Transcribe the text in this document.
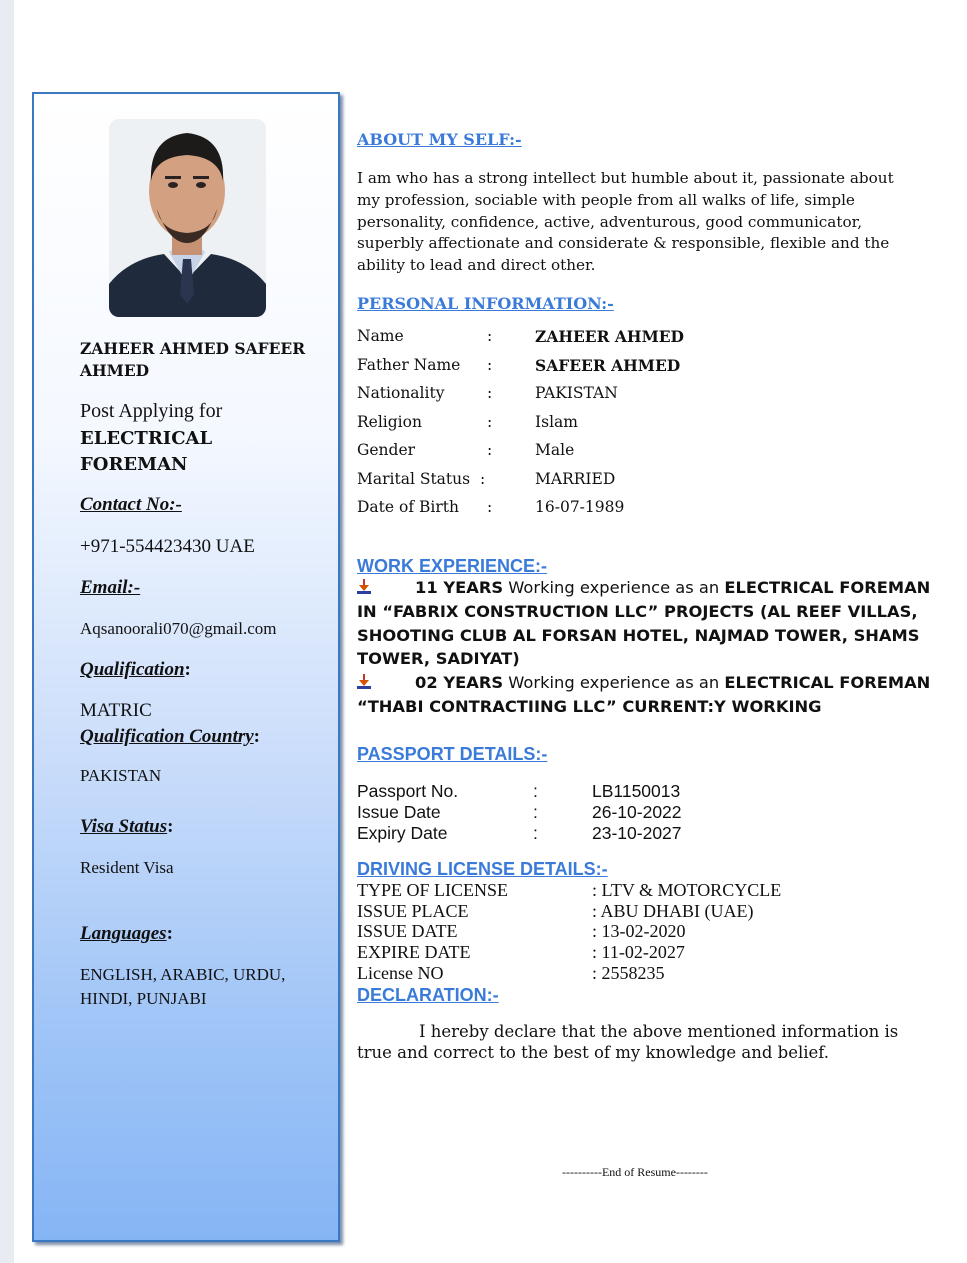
ZAHEER AHMED SAFEER AHMED
Post Applying for
ELECTRICAL FOREMAN
Contact No:-
+971-554423430 UAE
Email:-
Aqsanoorali070@gmail.com
Qualification:
MATRIC
Qualification Country:
PAKISTAN
Visa Status:
Resident Visa
Languages:
ENGLISH, ARABIC, URDU, HINDI, PUNJABI
ABOUT MY SELF:-
I am who has a strong intellect but humble about it, passionate about my profession, sociable with people from all walks of life, simple personality, confidence, active, adventurous, good communicator, superbly affectionate and considerate & responsible, flexible and the ability to lead and direct other.
PERSONAL INFORMATION:-
Name	:	ZAHEER AHMED
Father Name :	SAFEER AHMED
Nationality	:	PAKISTAN
Religion	:	Islam
Gender	:	Male
Marital Status :	MARRIED
Date of Birth :	16-07-1989
WORK EXPERIENCE:-
11 YEARS Working experience as an ELECTRICAL FOREMAN IN “FABRIX CONSTRUCTION LLC” PROJECTS (AL REEF VILLAS, SHOOTING CLUB AL FORSAN HOTEL, NAJMAD TOWER, SHAMS TOWER, SADIYAT)
02 YEARS Working experience as an ELECTRICAL FOREMAN “THABI CONTRACTIING LLC” CURRENT:Y WORKING
PASSPORT DETAILS:-
Passport No.	:	LB1150013
Issue Date	:	26-10-2022
Expiry Date	:	23-10-2027
DRIVING LICENSE DETAILS:-
TYPE OF LICENSE	: LTV & MOTORCYCLE
ISSUE PLACE	: ABU DHABI (UAE)
ISSUE DATE	: 13-02-2020
EXPIRE DATE	: 11-02-2027
License NO	: 2558235
DECLARATION:-
I hereby declare that the above mentioned information is true and correct to the best of my knowledge and belief.
----------End of Resume--------
